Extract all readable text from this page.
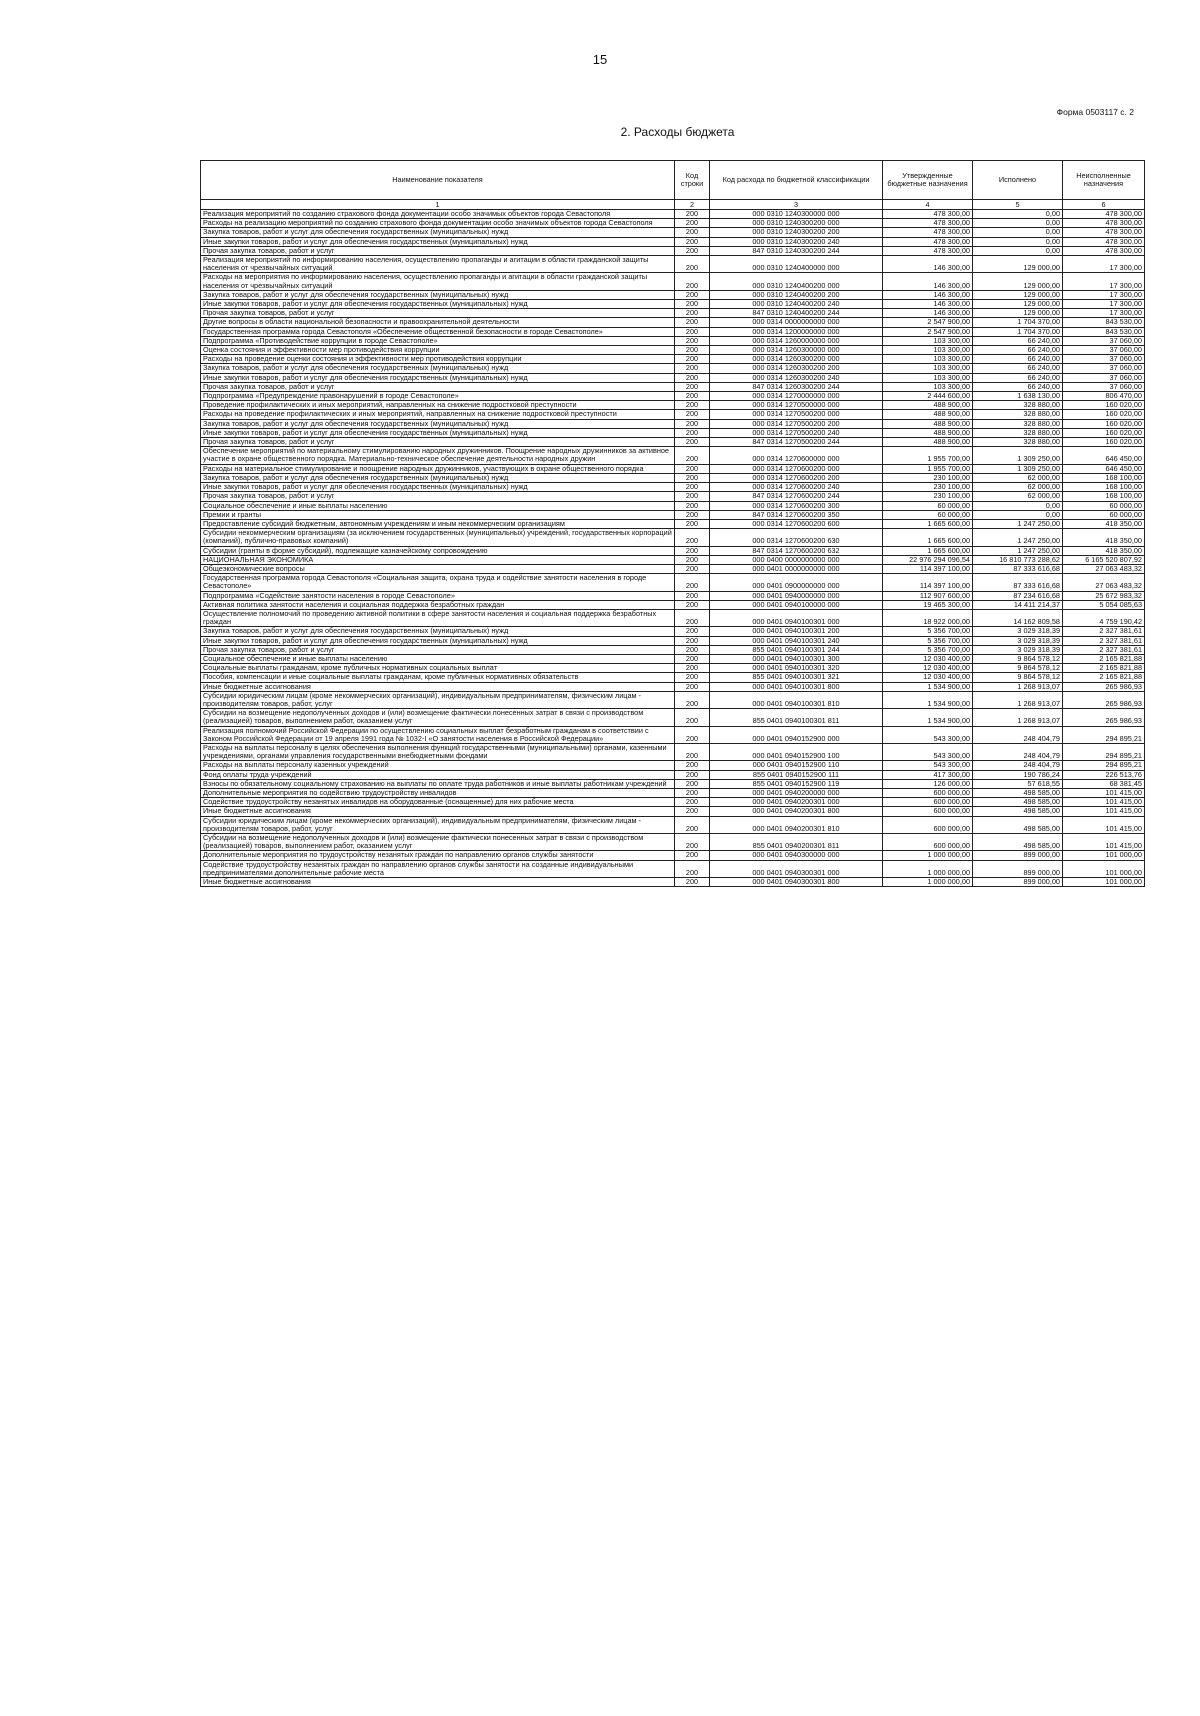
15
Форма 0503117 с. 2
2. Расходы бюджета
Наименование показателя	Код строки	Код расхода по бюджетной классификации	Утвержденные бюджетные назначения	Исполнено	Неисполненные назначения
1	2	3	4	5	6
Реализация мероприятий по созданию страхового фонда документации особо значимых объектов города Севастополя	200	000 0310 1240300000 000	478 300,00	0,00	478 300,00
Расходы на реализацию мероприятий по созданию страхового фонда документации особо значимых объектов города Севастополя	200	000 0310 1240300200 000	478 300,00	0,00	478 300,00
Закупка товаров, работ и услуг для обеспечения государственных (муниципальных) нужд	200	000 0310 1240300200 200	478 300,00	0,00	478 300,00
Иные закупки товаров, работ и услуг для обеспечения государственных (муниципальных) нужд	200	000 0310 1240300200 240	478 300,00	0,00	478 300,00
Прочая закупка товаров, работ и услуг	200	847 0310 1240300200 244	478 300,00	0,00	478 300,00
Реализация мероприятий по информированию населения, осуществлению пропаганды и агитации в области гражданской защиты населения от чрезвычайных ситуаций	200	000 0310 1240400000 000	146 300,00	129 000,00	17 300,00
Расходы на мероприятия по информированию населения, осуществлению пропаганды и агитации в области гражданской защиты населения от чрезвычайных ситуаций	200	000 0310 1240400200 000	146 300,00	129 000,00	17 300,00
Закупка товаров, работ и услуг для обеспечения государственных (муниципальных) нужд	200	000 0310 1240400200 200	146 300,00	129 000,00	17 300,00
Иные закупки товаров, работ и услуг для обеспечения государственных (муниципальных) нужд	200	000 0310 1240400200 240	146 300,00	129 000,00	17 300,00
Прочая закупка товаров, работ и услуг	200	847 0310 1240400200 244	146 300,00	129 000,00	17 300,00
Другие вопросы в области национальной безопасности и правоохранительной деятельности	200	000 0314 0000000000 000	2 547 900,00	1 704 370,00	843 530,00
Государственная программа города Севастополя «Обеспечение общественной безопасности в городе Севастополе»	200	000 0314 1200000000 000	2 547 900,00	1 704 370,00	843 530,00
Подпрограмма «Противодействие коррупции в городе Севастополе»	200	000 0314 1260000000 000	103 300,00	66 240,00	37 060,00
Оценка состояния и эффективности мер противодействия коррупции	200	000 0314 1260300000 000	103 300,00	66 240,00	37 060,00
Расходы на проведение оценки состояния и эффективности мер противодействия коррупции	200	000 0314 1260300200 000	103 300,00	66 240,00	37 060,00
Закупка товаров, работ и услуг для обеспечения государственных (муниципальных) нужд	200	000 0314 1260300200 200	103 300,00	66 240,00	37 060,00
Иные закупки товаров, работ и услуг для обеспечения государственных (муниципальных) нужд	200	000 0314 1260300200 240	103 300,00	66 240,00	37 060,00
Прочая закупка товаров, работ и услуг	200	847 0314 1260300200 244	103 300,00	66 240,00	37 060,00
Подпрограмма «Предупреждение правонарушений в городе Севастополе»	200	000 0314 1270000000 000	2 444 600,00	1 638 130,00	806 470,00
Проведение профилактических и иных мероприятий, направленных на снижение подростковой преступности	200	000 0314 1270500000 000	488 900,00	328 880,00	160 020,00
Расходы на проведение профилактических и иных мероприятий, направленных на снижение подростковой преступности	200	000 0314 1270500200 000	488 900,00	328 880,00	160 020,00
Закупка товаров, работ и услуг для обеспечения государственных (муниципальных) нужд	200	000 0314 1270500200 200	488 900,00	328 880,00	160 020,00
Иные закупки товаров, работ и услуг для обеспечения государственных (муниципальных) нужд	200	000 0314 1270500200 240	488 900,00	328 880,00	160 020,00
Прочая закупка товаров, работ и услуг	200	847 0314 1270500200 244	488 900,00	328 880,00	160 020,00
Обеспечение мероприятий по материальному стимулированию народных дружинников. Поощрение народных дружинников за активное участие в охране общественного порядка. Материально-техническое обеспечение деятельности народных дружин	200	000 0314 1270600000 000	1 955 700,00	1 309 250,00	646 450,00
Расходы на материальное стимулирование и поощрение народных дружинников, участвующих в охране общественного порядка	200	000 0314 1270600200 000	1 955 700,00	1 309 250,00	646 450,00
Закупка товаров, работ и услуг для обеспечения государственных (муниципальных) нужд	200	000 0314 1270600200 200	230 100,00	62 000,00	168 100,00
Иные закупки товаров, работ и услуг для обеспечения государственных (муниципальных) нужд	200	000 0314 1270600200 240	230 100,00	62 000,00	168 100,00
Прочая закупка товаров, работ и услуг	200	847 0314 1270600200 244	230 100,00	62 000,00	168 100,00
Социальное обеспечение и иные выплаты населению	200	000 0314 1270600200 300	60 000,00	0,00	60 000,00
Премии и гранты	200	847 0314 1270600200 350	60 000,00	0,00	60 000,00
Предоставление субсидий бюджетным, автономным учреждениям и иным некоммерческим организациям	200	000 0314 1270600200 600	1 665 600,00	1 247 250,00	418 350,00
Субсидии некоммерческим организациям (за исключением государственных (муниципальных) учреждений, государственных корпораций (компаний), публично-правовых компаний)	200	000 0314 1270600200 630	1 665 600,00	1 247 250,00	418 350,00
Субсидии (гранты в форме субсидий), подлежащие казначейскому сопровождению	200	847 0314 1270600200 632	1 665 600,00	1 247 250,00	418 350,00
НАЦИОНАЛЬНАЯ ЭКОНОМИКА	200	000 0400 0000000000 000	22 976 294 096,54	16 810 773 288,62	6 165 520 807,92
Общеэкономические вопросы	200	000 0401 0000000000 000	114 397 100,00	87 333 616,68	27 063 483,32
Государственная программа города Севастополя «Социальная защита, охрана труда и содействие занятости населения в городе Севастополе»	200	000 0401 0900000000 000	114 397 100,00	87 333 616,68	27 063 483,32
Подпрограмма «Содействие занятости населения в городе Севастополе»	200	000 0401 0940000000 000	112 907 600,00	87 234 616,68	25 672 983,32
Активная политика занятости населения и социальная поддержка безработных граждан	200	000 0401 0940100000 000	19 465 300,00	14 411 214,37	5 054 085,63
Осуществление полномочий по проведению активной политики в сфере занятости населения и социальная поддержка безработных граждан	200	000 0401 0940100301 000	18 922 000,00	14 162 809,58	4 759 190,42
Закупка товаров, работ и услуг для обеспечения государственных (муниципальных) нужд	200	000 0401 0940100301 200	5 356 700,00	3 029 318,39	2 327 381,61
Иные закупки товаров, работ и услуг для обеспечения государственных (муниципальных) нужд	200	000 0401 0940100301 240	5 356 700,00	3 029 318,39	2 327 381,61
Прочая закупка товаров, работ и услуг	200	855 0401 0940100301 244	5 356 700,00	3 029 318,39	2 327 381,61
Социальное обеспечение и иные выплаты населению	200	000 0401 0940100301 300	12 030 400,00	9 864 578,12	2 165 821,88
Социальные выплаты гражданам, кроме публичных нормативных социальных выплат	200	000 0401 0940100301 320	12 030 400,00	9 864 578,12	2 165 821,88
Пособия, компенсации и иные социальные выплаты гражданам, кроме публичных нормативных обязательств	200	855 0401 0940100301 321	12 030 400,00	9 864 578,12	2 165 821,88
Иные бюджетные ассигнования	200	000 0401 0940100301 800	1 534 900,00	1 268 913,07	265 986,93
Субсидии юридическим лицам (кроме некоммерческих организаций), индивидуальным предпринимателям, физическим лицам - производителям товаров, работ, услуг	200	000 0401 0940100301 810	1 534 900,00	1 268 913,07	265 986,93
Субсидии на возмещение недополученных доходов и (или) возмещение фактически понесенных затрат в связи с производством (реализацией) товаров, выполнением работ, оказанием услуг	200	855 0401 0940100301 811	1 534 900,00	1 268 913,07	265 986,93
Реализация полномочий Российской Федерации по осуществлению социальных выплат безработным гражданам в соответствии с Законом Российской Федерации от 19 апреля 1991 года № 1032-I «О занятости населения в Российской Федерации»	200	000 0401 0940152900 000	543 300,00	248 404,79	294 895,21
Расходы на выплаты персоналу в целях обеспечения выполнения функций государственными (муниципальными) органами, казенными учреждениями, органами управления государственными внебюджетными фондами	200	000 0401 0940152900 100	543 300,00	248 404,79	294 895,21
Расходы на выплаты персоналу казенных учреждений	200	000 0401 0940152900 110	543 300,00	248 404,79	294 895,21
Фонд оплаты труда учреждений	200	855 0401 0940152900 111	417 300,00	190 786,24	226 513,76
Взносы по обязательному социальному страхованию на выплаты по оплате труда работников и иные выплаты работникам учреждений	200	855 0401 0940152900 119	126 000,00	57 618,55	68 381,45
Дополнительные мероприятия по содействию трудоустройству инвалидов	200	000 0401 0940200000 000	600 000,00	498 585,00	101 415,00
Содействие трудоустройству незанятых инвалидов на оборудованные (оснащенные) для них рабочие места	200	000 0401 0940200301 000	600 000,00	498 585,00	101 415,00
Иные бюджетные ассигнования	200	000 0401 0940200301 800	600 000,00	498 585,00	101 415,00
Субсидии юридическим лицам (кроме некоммерческих организаций), индивидуальным предпринимателям, физическим лицам - производителям товаров, работ, услуг	200	000 0401 0940200301 810	600 000,00	498 585,00	101 415,00
Субсидии на возмещение недополученных доходов и (или) возмещение фактически понесенных затрат в связи с производством (реализацией) товаров, выполнением работ, оказанием услуг	200	855 0401 0940200301 811	600 000,00	498 585,00	101 415,00
Дополнительные мероприятия по трудоустройству незанятых граждан по направлению органов службы занятости	200	000 0401 0940300000 000	1 000 000,00	899 000,00	101 000,00
Содействие трудоустройству незанятых граждан по направлению органов службы занятости на созданные индивидуальными предпринимателями дополнительные рабочие места	200	000 0401 0940300301 000	1 000 000,00	899 000,00	101 000,00
Иные бюджетные ассигнования	200	000 0401 0940300301 800	1 000 000,00	899 000,00	101 000,00
